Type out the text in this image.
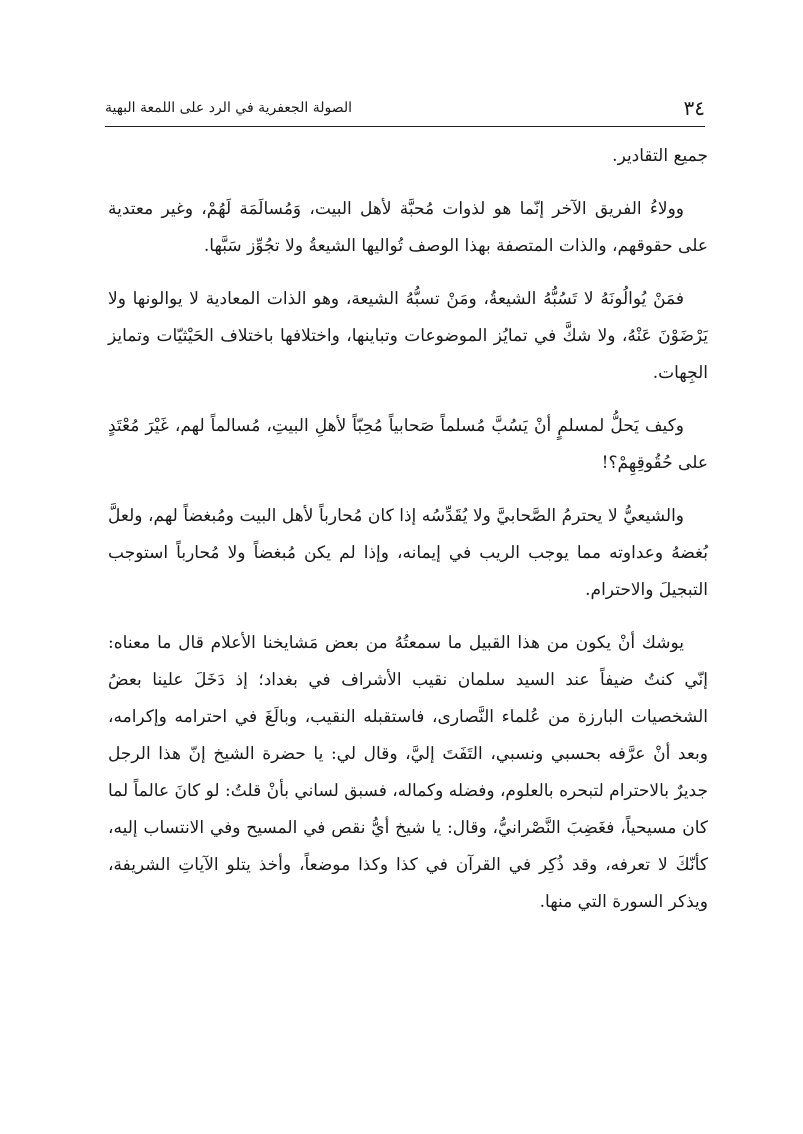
٣٤
الصولة الجعفرية في الرد على اللمعة البهية

جميع التقادير.

وولاءُ الفريق الآخر إنّما هو لذوات مُحبَّة لأهل البيت، وَمُسالَمَة لَهُمْ، وغير معتدية على حقوقهم، والذات المتصفة بهذا الوصف تُواليها الشيعةُ ولا تجُوِّز سَبَّها.

فمَنْ يُوالُونَهُ لا تَسُبُّهُ الشيعةُ، ومَنْ تسبُّهُ الشيعة، وهو الذات المعادية لا يوالونها ولا يَرْضَوْنَ عَنْهُ، ولا شكَّ في تمايُز الموضوعات وتباينها، واختلافها باختلاف الحَيْثيّات وتمايز الجِهات.

وكيف يَحلُّ لمسلمٍ أنْ يَسُبَّ مُسلماً صَحابياً مُحِبّاً لأهلِ البيتِ، مُسالماً لهم، غَيْرَ مُعْتَدٍ على حُقُوقِهِمْ؟!

والشيعيُّ لا يحترمُ الصَّحابيَّ ولا يُقَدِّسُه إذا كان مُحارباً لأهل البيت ومُبغضاً لهم، ولعلَّ بُغضهُ وعداوته مما يوجب الريب في إيمانه، وإذا لم يكن مُبغضاً ولا مُحارباً استوجب التبجيلَ والاحترام.

يوشك أنْ يكون من هذا القبيل ما سمعتُهُ من بعض مَشايخنا الأعلام قال ما معناه: إنّي كنتُ ضيفاً عند السيد سلمان نقيب الأشراف في بغداد؛ إذ دَخَلَ علينا بعضُ الشخصيات البارزة من عُلماء النَّصارى، فاستقبله النقيب، وبالَغَ في احترامه وإكرامه، وبعد أنْ عرَّفه بحسبي ونسبي، التَفَتَ إليَّ، وقال لي: يا حضرة الشيخ إنّ هذا الرجل جديرٌ بالاحترام لتبحره بالعلوم، وفضله وكماله، فسبق لساني بأنْ قلتُ: لو كانَ عالماً لما كان مسيحياً، فغَضِبَ النَّصْرانيُّ، وقال: يا شيخ أيُّ نقص في المسيح وفي الانتساب إليه، كأنّكَ لا تعرفه، وقد ذُكِر في القرآن في كذا وكذا موضعاً، وأخذ يتلو الآياتِ الشريفة، ويذكر السورة التي منها.
